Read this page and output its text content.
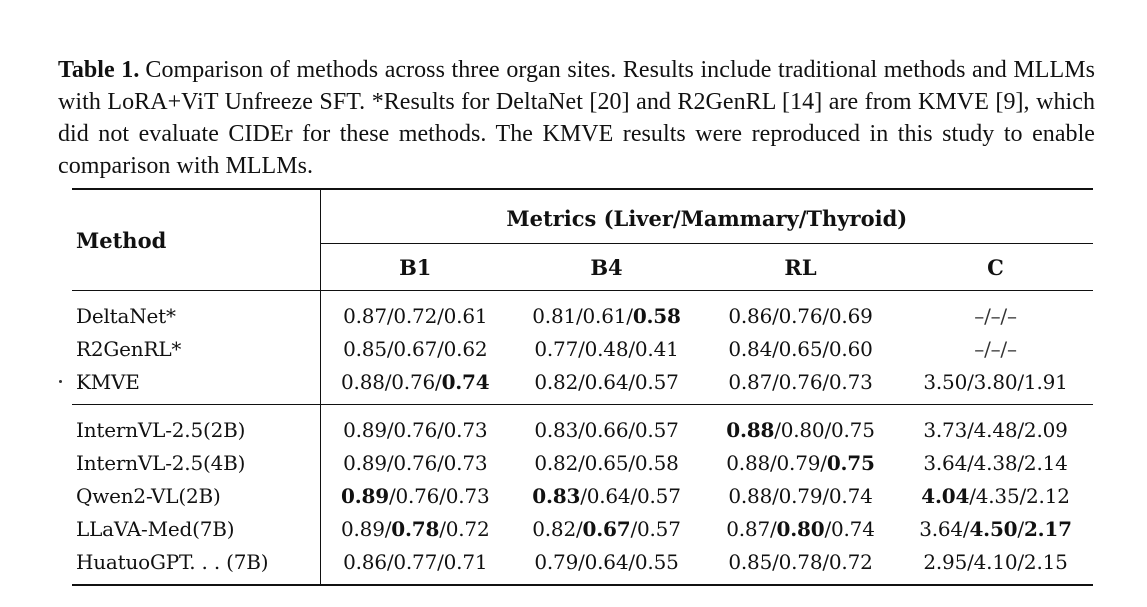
Table 1. Comparison of methods across three organ sites. Results include traditional methods and MLLMs with LoRA+ViT Unfreeze SFT. *Results for DeltaNet [20] and R2GenRL [14] are from KMVE [9], which did not evaluate CIDEr for these methods. The KMVE results were reproduced in this study to enable comparison with MLLMs.

Method	Metrics (Liver/Mammary/Thyroid)			
	B1	B4	RL	C

DeltaNet*	0.87/0.72/0.61	0.81/0.61/0.58	0.86/0.76/0.69	–/–/–
R2GenRL*	0.85/0.67/0.62	0.77/0.48/0.41	0.84/0.65/0.60	–/–/–
KMVE	0.88/0.76/0.74	0.82/0.64/0.57	0.87/0.76/0.73	3.50/3.80/1.91

InternVL-2.5(2B)	0.89/0.76/0.73	0.83/0.66/0.57	0.88/0.80/0.75	3.73/4.48/2.09
InternVL-2.5(4B)	0.89/0.76/0.73	0.82/0.65/0.58	0.88/0.79/0.75	3.64/4.38/2.14
Qwen2-VL(2B)	0.89/0.76/0.73	0.83/0.64/0.57	0.88/0.79/0.74	4.04/4.35/2.12
LLaVA-Med(7B)	0.89/0.78/0.72	0.82/0.67/0.57	0.87/0.80/0.74	3.64/4.50/2.17
HuatuoGPT. . . (7B)	0.86/0.77/0.71	0.79/0.64/0.55	0.85/0.78/0.72	2.95/4.10/2.15
